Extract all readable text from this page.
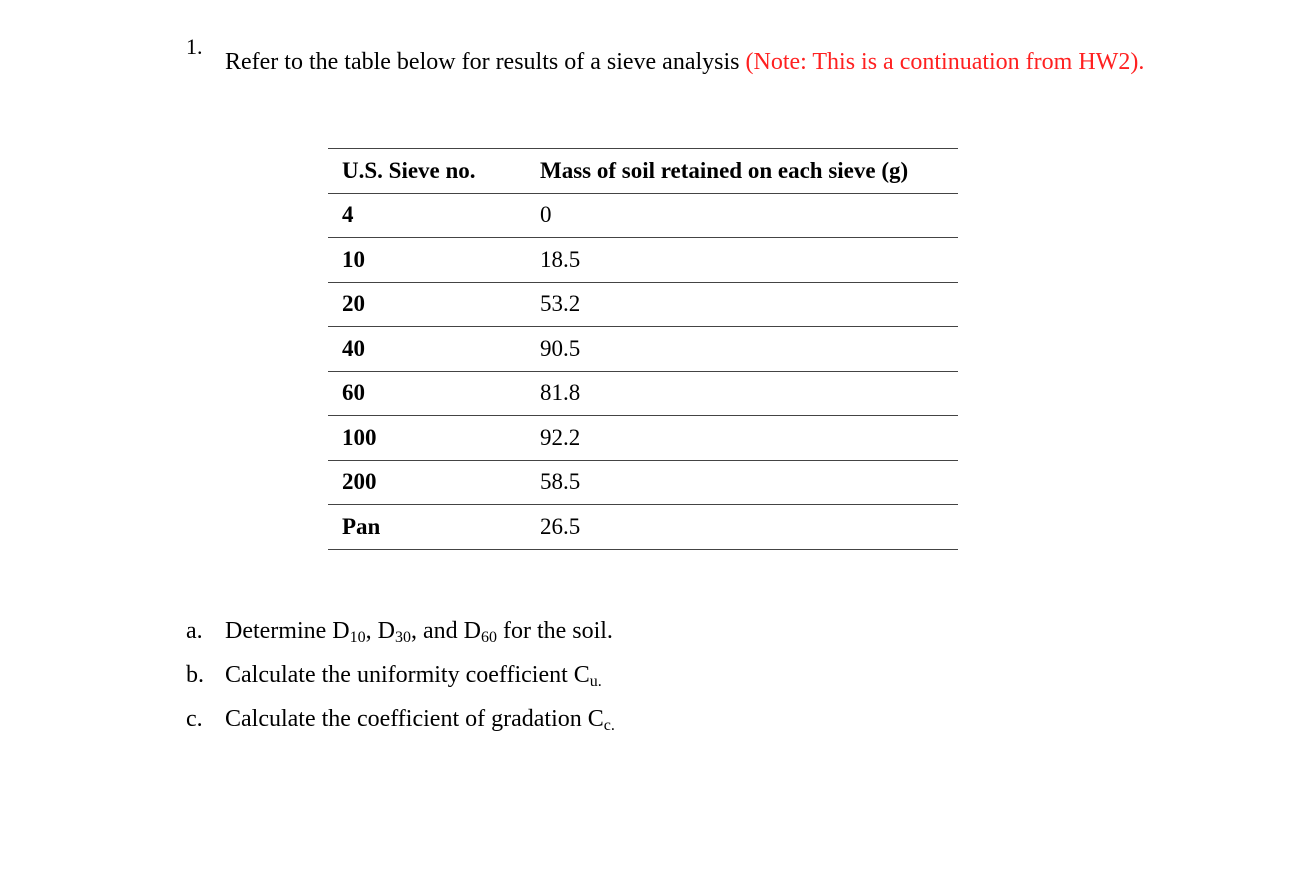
1.
Refer to the table below for results of a sieve analysis (Note: This is a continuation from HW2).
U.S. Sieve no.	Mass of soil retained on each sieve (g)
4	0
10	18.5
20	53.2
40	90.5
60	81.8
100	92.2
200	58.5
Pan	26.5
a. Determine $D_{10}$, $D_{30}$, and $D_{60}$ for the soil.
b. Calculate the uniformity coefficient $C_{u.}$
c. Calculate the coefficient of gradation $C_{c.}$
